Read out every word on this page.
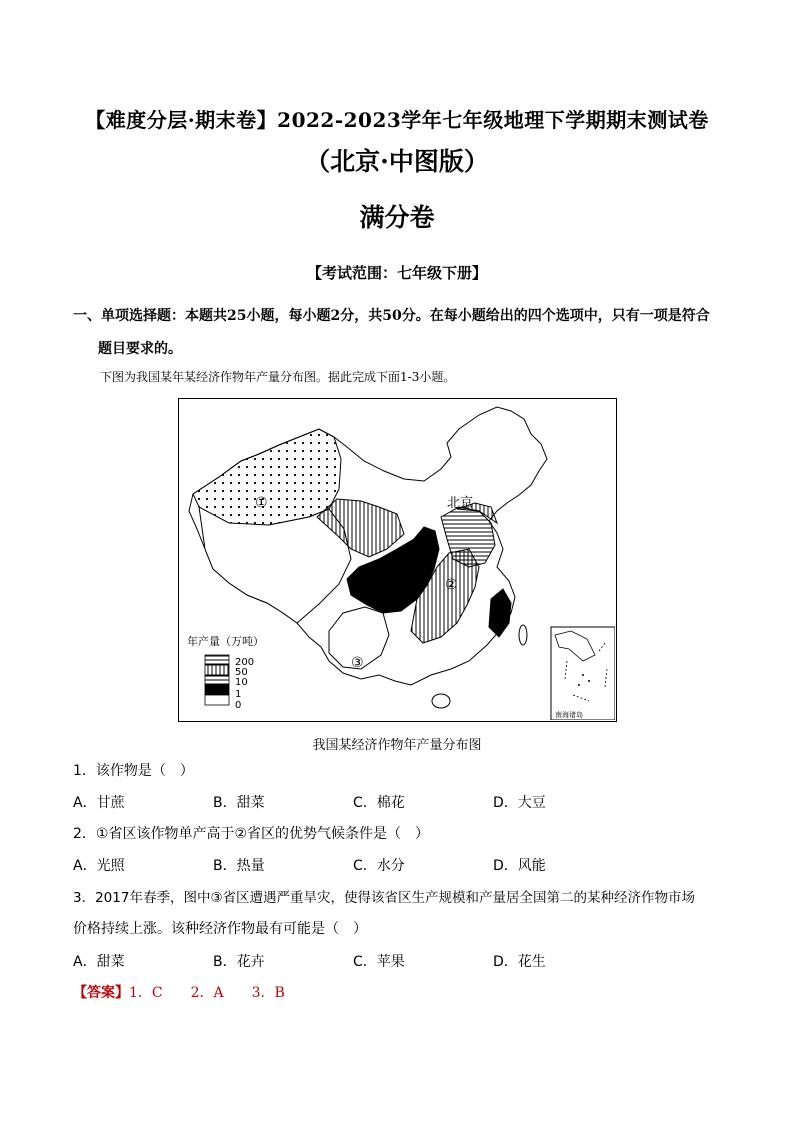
【难度分层·期末卷】2022-2023学年七年级地理下学期期末测试卷
（北京·中图版）
满分卷
【考试范围：七年级下册】
一、单项选择题：本题共25小题，每小题2分，共50分。在每小题给出的四个选项中，只有一项是符合
题目要求的。
下图为我国某年某经济作物年产量分布图。据此完成下面1-3小题。
北京
①
②
③
年产量（万吨）
200
50
10
1
0
南海诸岛
我国某经济作物年产量分布图
1．该作物是（　）
A．甘蔗	B．甜菜	C．棉花	D．大豆
2．①省区该作物单产高于②省区的优势气候条件是（　）
A．光照	B．热量	C．水分	D．风能
3．2017年春季，图中③省区遭遇严重旱灾，使得该省区生产规模和产量居全国第二的某种经济作物市场
价格持续上涨。该种经济作物最有可能是（　）
A．甜菜	B．花卉	C．苹果	D．花生
【答案】1．C　　2．A　　3．B
